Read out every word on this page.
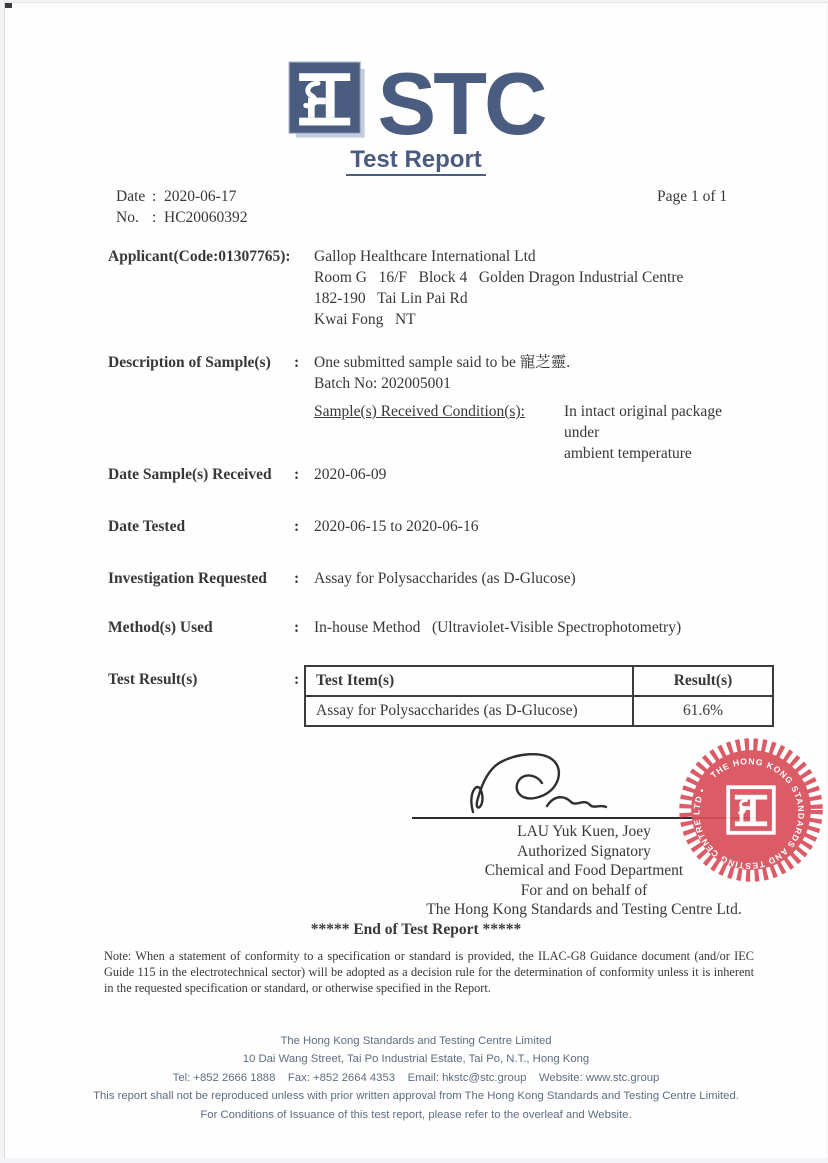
STC
Test Report
Date : 2020-06-17
No. : HC20060392
Page 1 of 1
Applicant(Code:01307765):	Gallop Healthcare International Ltd
Room G   16/F   Block 4   Golden Dragon Industrial Centre
182-190   Tai Lin Pai Rd
Kwai Fong   NT
Description of Sample(s)	: One submitted sample said to be 寵芝靈.
Batch No: 202005001
Sample(s) Received Condition(s):	In intact original package under
ambient temperature
Date Sample(s) Received	: 2020-06-09
Date Tested	: 2020-06-15 to 2020-06-16
Investigation Requested	: Assay for Polysaccharides (as D-Glucose)
Method(s) Used	: In-house Method   (Ultraviolet-Visible Spectrophotometry)
Test Result(s)	:	Test Item(s)	Result(s)
Assay for Polysaccharides (as D-Glucose)	61.6%
LAU Yuk Kuen, Joey
Authorized Signatory
Chemical and Food Department
For and on behalf of
The Hong Kong Standards and Testing Centre Ltd.
THE HONG KONG STANDARDS AND TESTING CENTRE LTD •
***** End of Test Report *****
Note: When a statement of conformity to a specification or standard is provided, the ILAC-G8 Guidance document (and/or IEC Guide 115 in the electrotechnical sector) will be adopted as a decision rule for the determination of conformity unless it is inherent in the requested specification or standard, or otherwise specified in the Report.
The Hong Kong Standards and Testing Centre Limited
10 Dai Wang Street, Tai Po Industrial Estate, Tai Po, N.T., Hong Kong
Tel: +852 2666 1888    Fax: +852 2664 4353    Email: hkstc@stc.group    Website: www.stc.group
This report shall not be reproduced unless with prior written approval from The Hong Kong Standards and Testing Centre Limited.
For Conditions of Issuance of this test report, please refer to the overleaf and Website.
